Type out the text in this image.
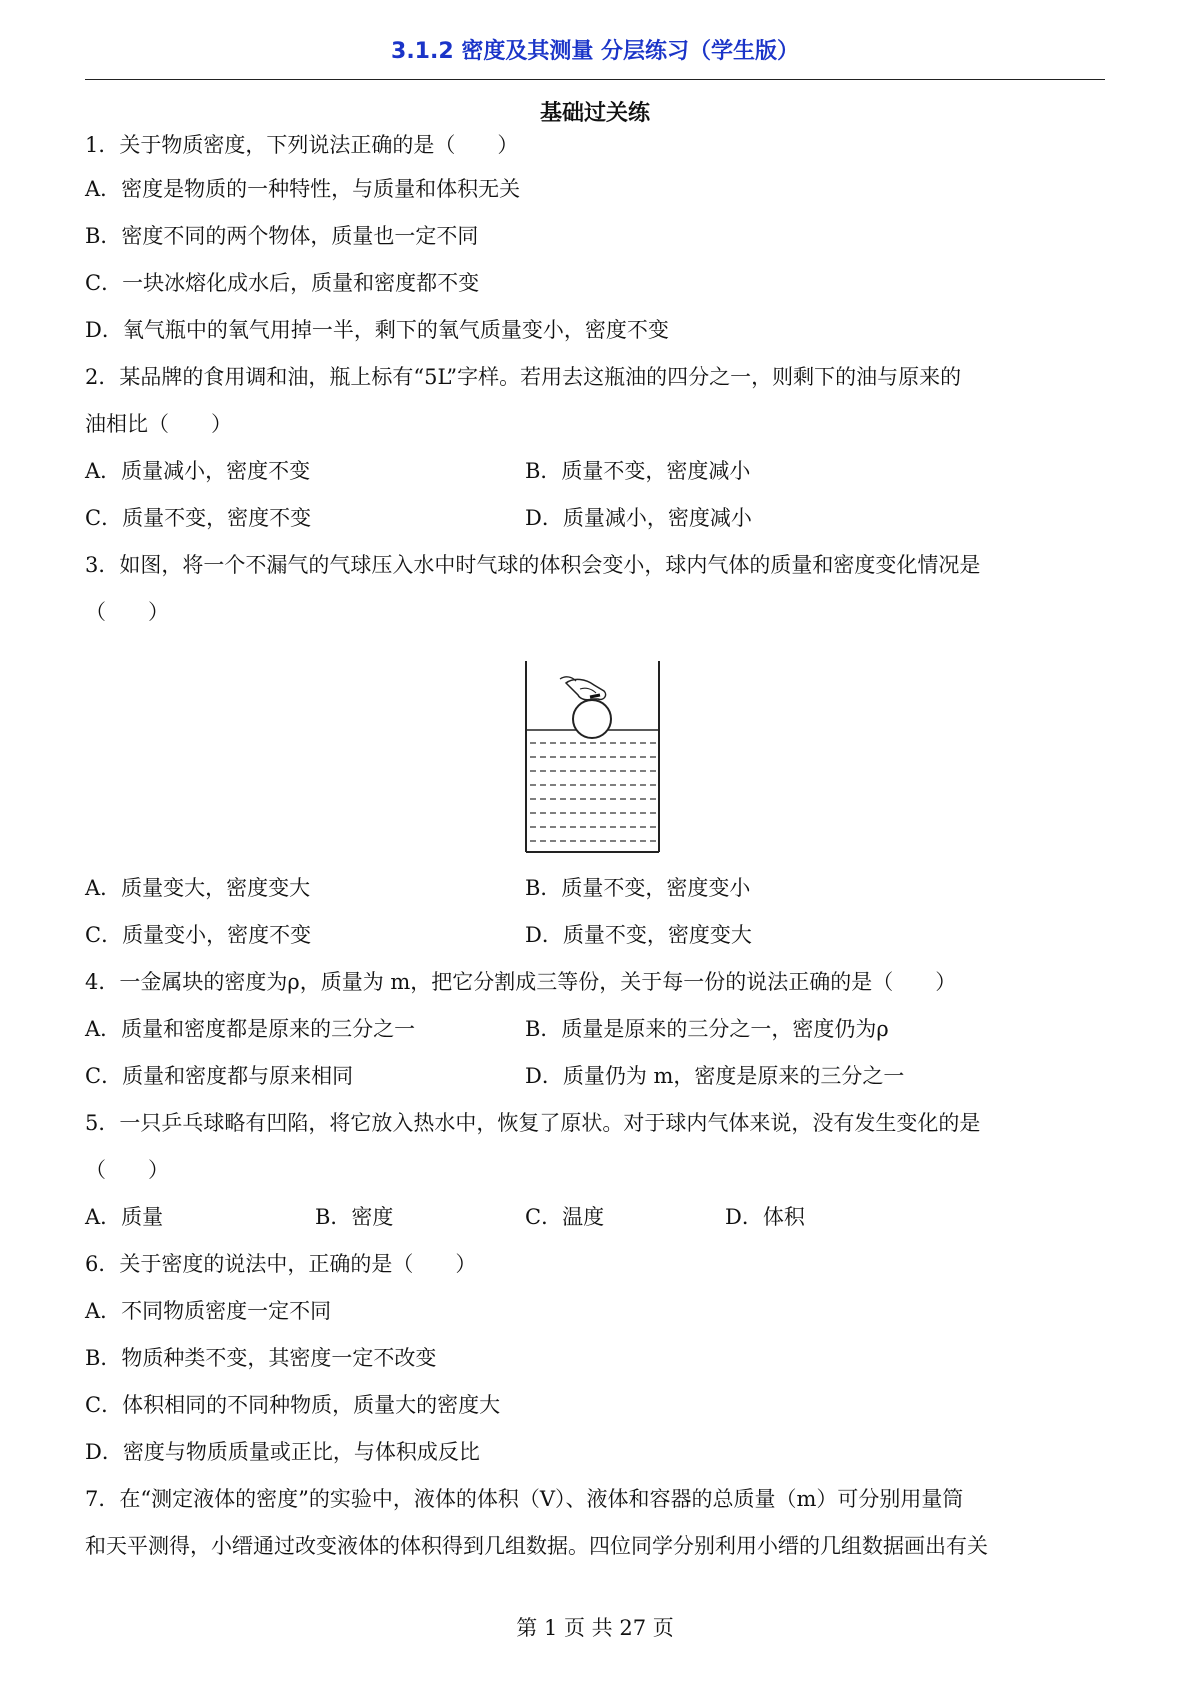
3.1.2 密度及其测量 分层练习（学生版）
基础过关练
1．关于物质密度，下列说法正确的是（　　）
A．密度是物质的一种特性，与质量和体积无关
B．密度不同的两个物体，质量也一定不同
C．一块冰熔化成水后，质量和密度都不变
D．氧气瓶中的氧气用掉一半，剩下的氧气质量变小，密度不变
2．某品牌的食用调和油，瓶上标有“5L”字样。若用去这瓶油的四分之一，则剩下的油与原来的
油相比（　　）
A．质量减小，密度不变	B．质量不变，密度减小
C．质量不变，密度不变	D．质量减小，密度减小
3．如图，将一个不漏气的气球压入水中时气球的体积会变小，球内气体的质量和密度变化情况是
（　　）
A．质量变大，密度变大	B．质量不变，密度变小
C．质量变小，密度不变	D．质量不变，密度变大
4．一金属块的密度为ρ，质量为 m，把它分割成三等份，关于每一份的说法正确的是（　　）
A．质量和密度都是原来的三分之一	B．质量是原来的三分之一，密度仍为ρ
C．质量和密度都与原来相同	D．质量仍为 m，密度是原来的三分之一
5．一只乒乓球略有凹陷，将它放入热水中，恢复了原状。对于球内气体来说，没有发生变化的是
（　　）
A．质量	B．密度	C．温度	D．体积
6．关于密度的说法中，正确的是（　　）
A．不同物质密度一定不同
B．物质种类不变，其密度一定不改变
C．体积相同的不同种物质，质量大的密度大
D．密度与物质质量或正比，与体积成反比
7．在“测定液体的密度”的实验中，液体的体积（V）、液体和容器的总质量（m）可分别用量筒
和天平测得，小缙通过改变液体的体积得到几组数据。四位同学分别利用小缙的几组数据画出有关
第 1 页 共 27 页
